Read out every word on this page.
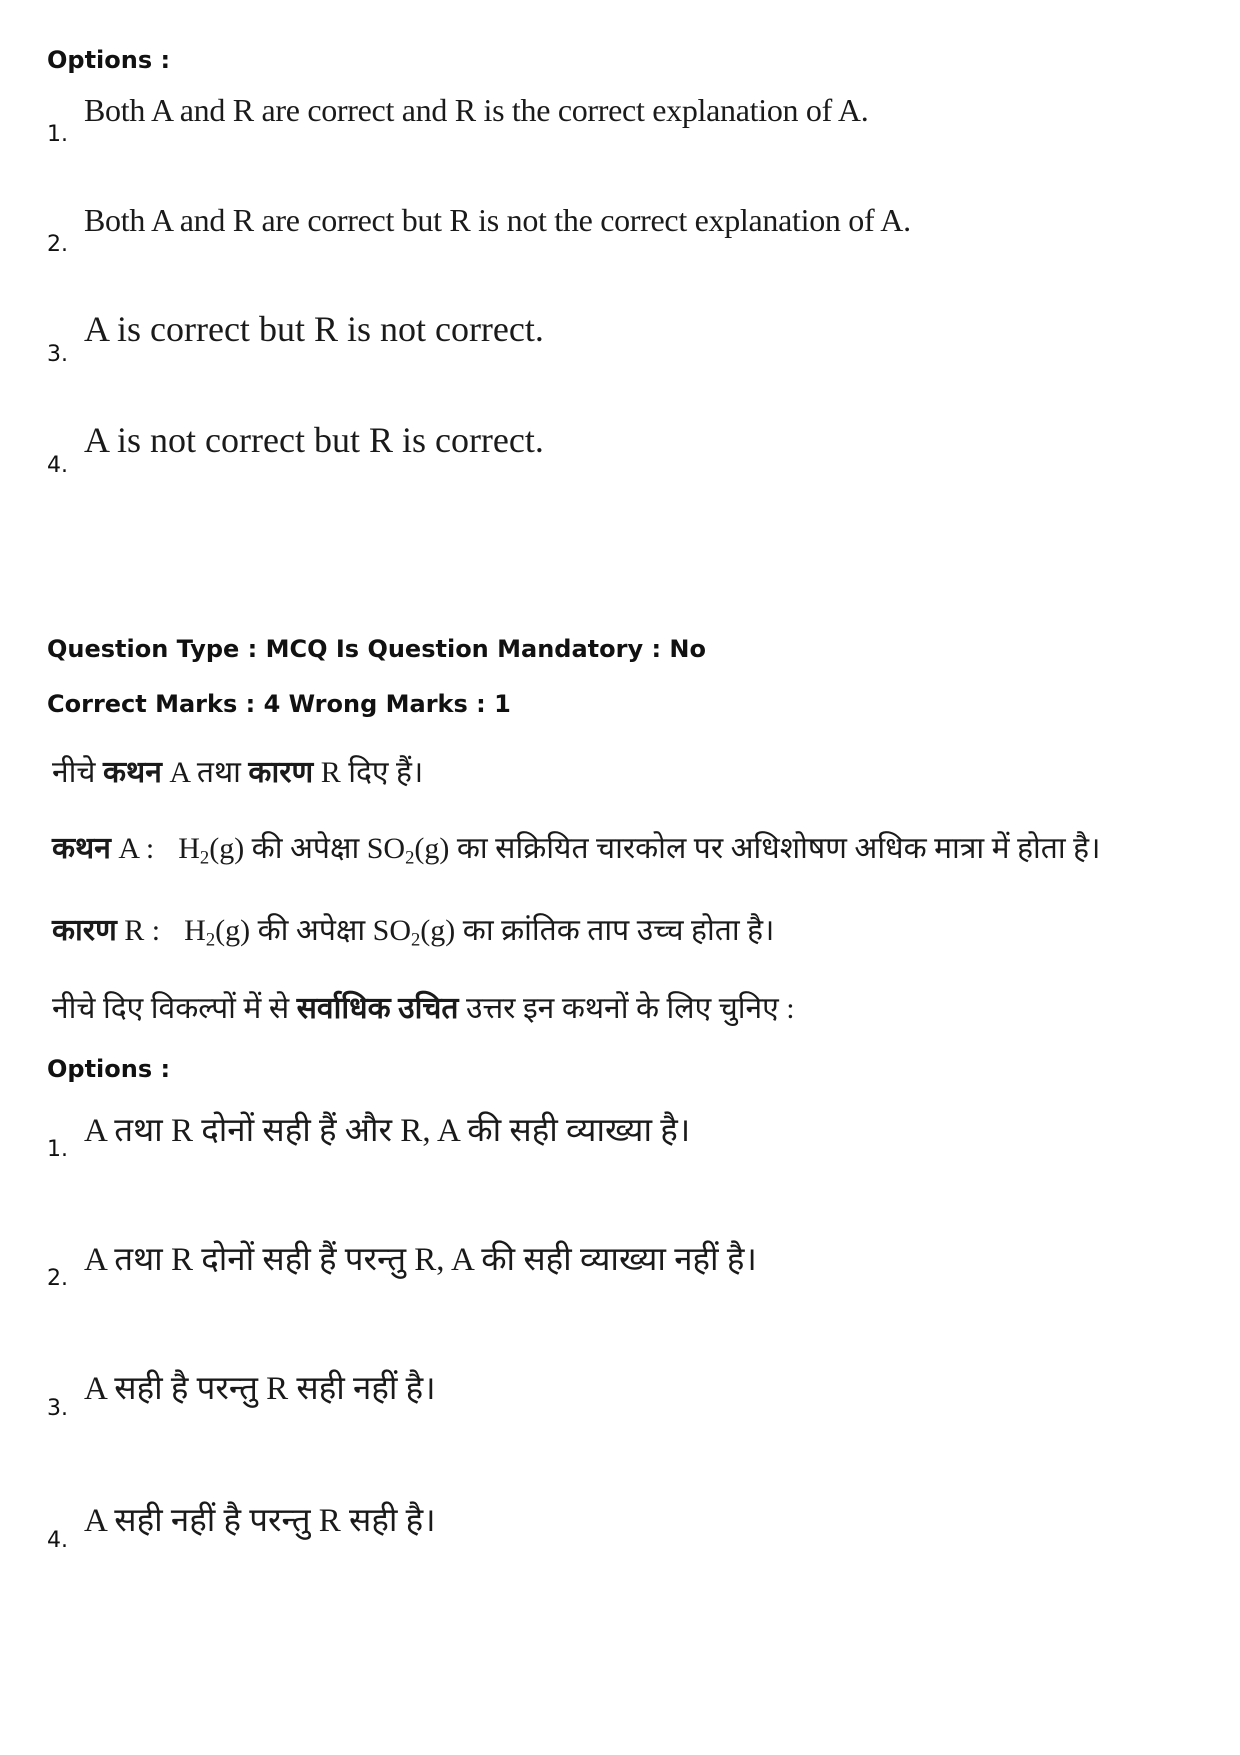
Options :
1.
Both A and R are correct and R is the correct explanation of A.
2.
Both A and R are correct but R is not the correct explanation of A.
3.
A is correct but R is not correct.
4.
A is not correct but R is correct.
Question Type : MCQ Is Question Mandatory : No
Correct Marks : 4 Wrong Marks : 1
नीचे कथन A तथा कारण R दिए हैं।
कथन A : $H_2(g)$ की अपेक्षा $SO_2(g)$ का सक्रियित चारकोल पर अधिशोषण अधिक मात्रा में होता है।
कारण R : $H_2(g)$ की अपेक्षा $SO_2(g)$ का क्रांतिक ताप उच्च होता है।
नीचे दिए विकल्पों में से सर्वाधिक उचित उत्तर इन कथनों के लिए चुनिए :
Options :
1.
A तथा R दोनों सही हैं और R, A की सही व्याख्या है।
2.
A तथा R दोनों सही हैं परन्तु R, A की सही व्याख्या नहीं है।
3.
A सही है परन्तु R सही नहीं है।
4.
A सही नहीं है परन्तु R सही है।
